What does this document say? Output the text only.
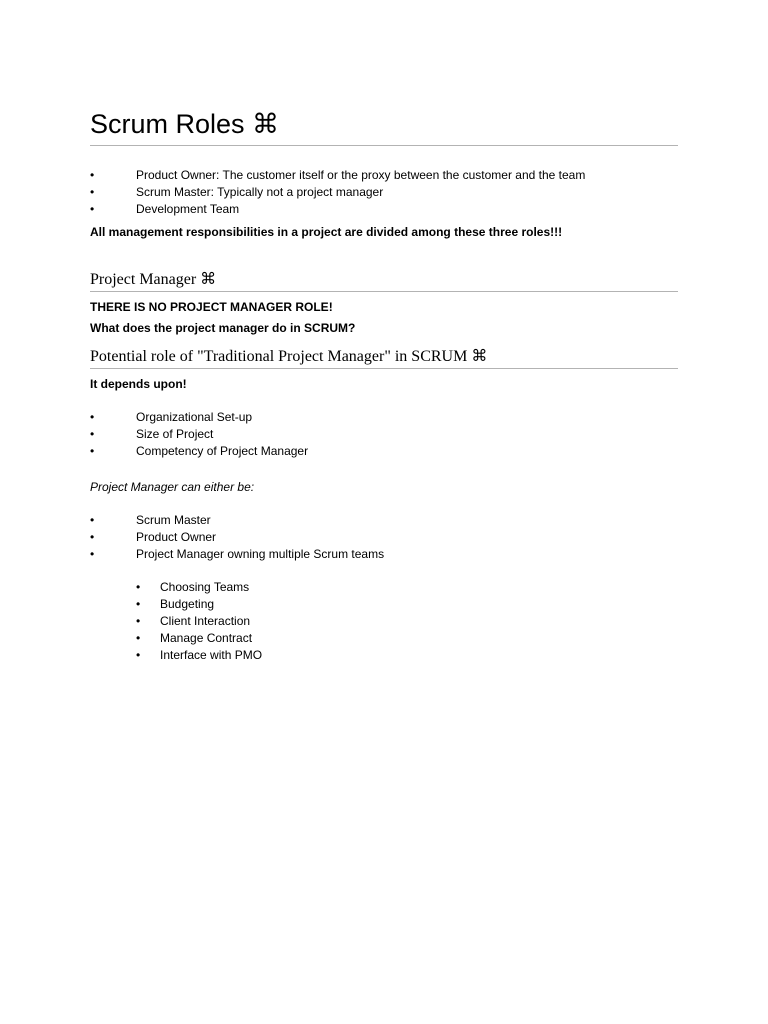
Scrum Roles ⌘
•	Product Owner: The customer itself or the proxy between the customer and the team
•	Scrum Master: Typically not a project manager
•	Development Team

All management responsibilities in a project are divided among these three roles!!!

Project Manager ⌘

THERE IS NO PROJECT MANAGER ROLE!

What does the project manager do in SCRUM?

Potential role of "Traditional Project Manager" in SCRUM ⌘

It depends upon!

•	Organizational Set-up
•	Size of Project
•	Competency of Project Manager

Project Manager can either be:

•	Scrum Master
•	Product Owner
•	Project Manager owning multiple Scrum teams
• Choosing Teams
• Budgeting
• Client Interaction
• Manage Contract
• Interface with PMO
